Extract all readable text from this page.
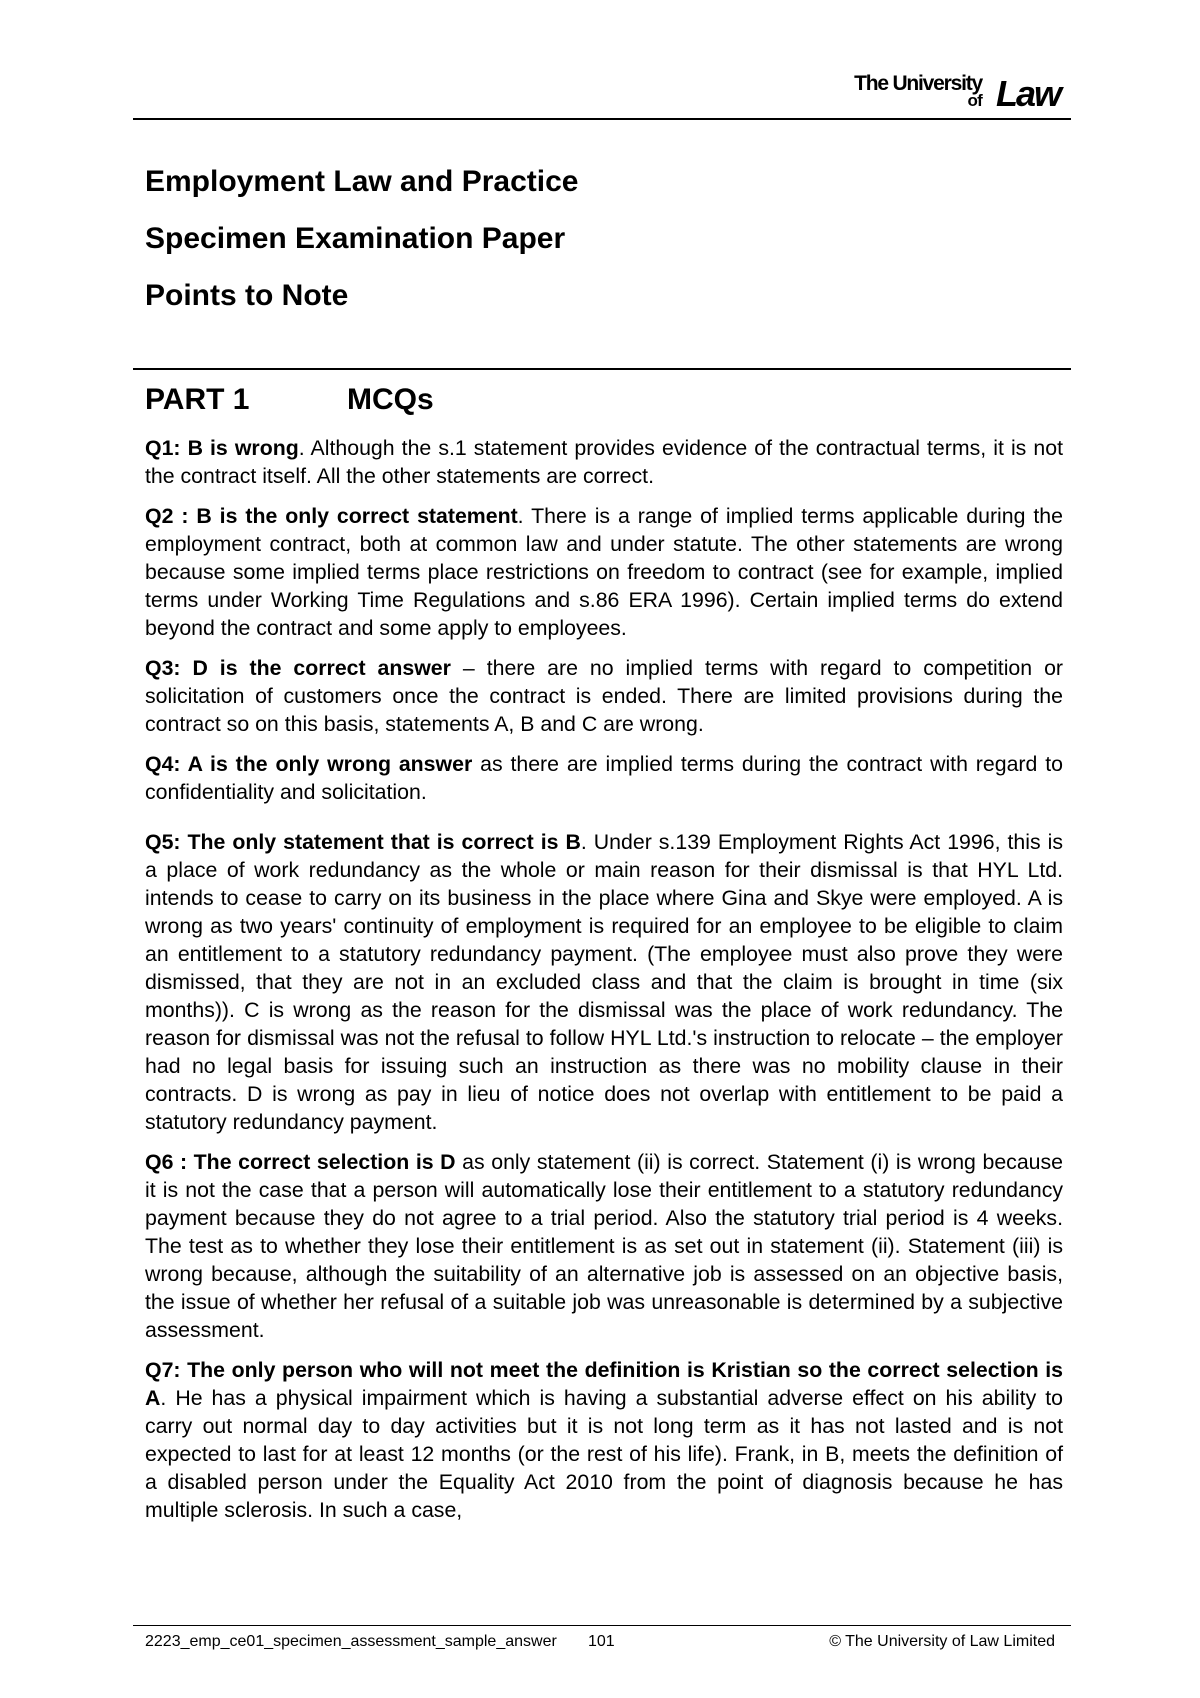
The University
of Law
Employment Law and Practice
Specimen Examination Paper
Points to Note
PART 1	MCQs

Q1: B is wrong. Although the s.1 statement provides evidence of the contractual terms, it is not the contract itself. All the other statements are correct.

Q2 : B is the only correct statement. There is a range of implied terms applicable during the employment contract, both at common law and under statute. The other statements are wrong because some implied terms place restrictions on freedom to contract (see for example, implied terms under Working Time Regulations and s.86 ERA 1996). Certain implied terms do extend beyond the contract and some apply to employees.

Q3: D is the correct answer – there are no implied terms with regard to competition or solicitation of customers once the contract is ended. There are limited provisions during the contract so on this basis, statements A, B and C are wrong.

Q4: A is the only wrong answer as there are implied terms during the contract with regard to confidentiality and solicitation.

Q5: The only statement that is correct is B. Under s.139 Employment Rights Act 1996, this is a place of work redundancy as the whole or main reason for their dismissal is that HYL Ltd. intends to cease to carry on its business in the place where Gina and Skye were employed. A is wrong as two years' continuity of employment is required for an employee to be eligible to claim an entitlement to a statutory redundancy payment. (The employee must also prove they were dismissed, that they are not in an excluded class and that the claim is brought in time (six months)). C is wrong as the reason for the dismissal was the place of work redundancy. The reason for dismissal was not the refusal to follow HYL Ltd.'s instruction to relocate – the employer had no legal basis for issuing such an instruction as there was no mobility clause in their contracts. D is wrong as pay in lieu of notice does not overlap with entitlement to be paid a statutory redundancy payment.

Q6 : The correct selection is D as only statement (ii) is correct. Statement (i) is wrong because it is not the case that a person will automatically lose their entitlement to a statutory redundancy payment because they do not agree to a trial period. Also the statutory trial period is 4 weeks. The test as to whether they lose their entitlement is as set out in statement (ii). Statement (iii) is wrong because, although the suitability of an alternative job is assessed on an objective basis, the issue of whether her refusal of a suitable job was unreasonable is determined by a subjective assessment.

Q7: The only person who will not meet the definition is Kristian so the correct selection is A. He has a physical impairment which is having a substantial adverse effect on his ability to carry out normal day to day activities but it is not long term as it has not lasted and is not expected to last for at least 12 months (or the rest of his life). Frank, in B, meets the definition of a disabled person under the Equality Act 2010 from the point of diagnosis because he has multiple sclerosis. In such a case,

2223_emp_ce01_specimen_assessment_sample_answer 101	© The University of Law Limited
